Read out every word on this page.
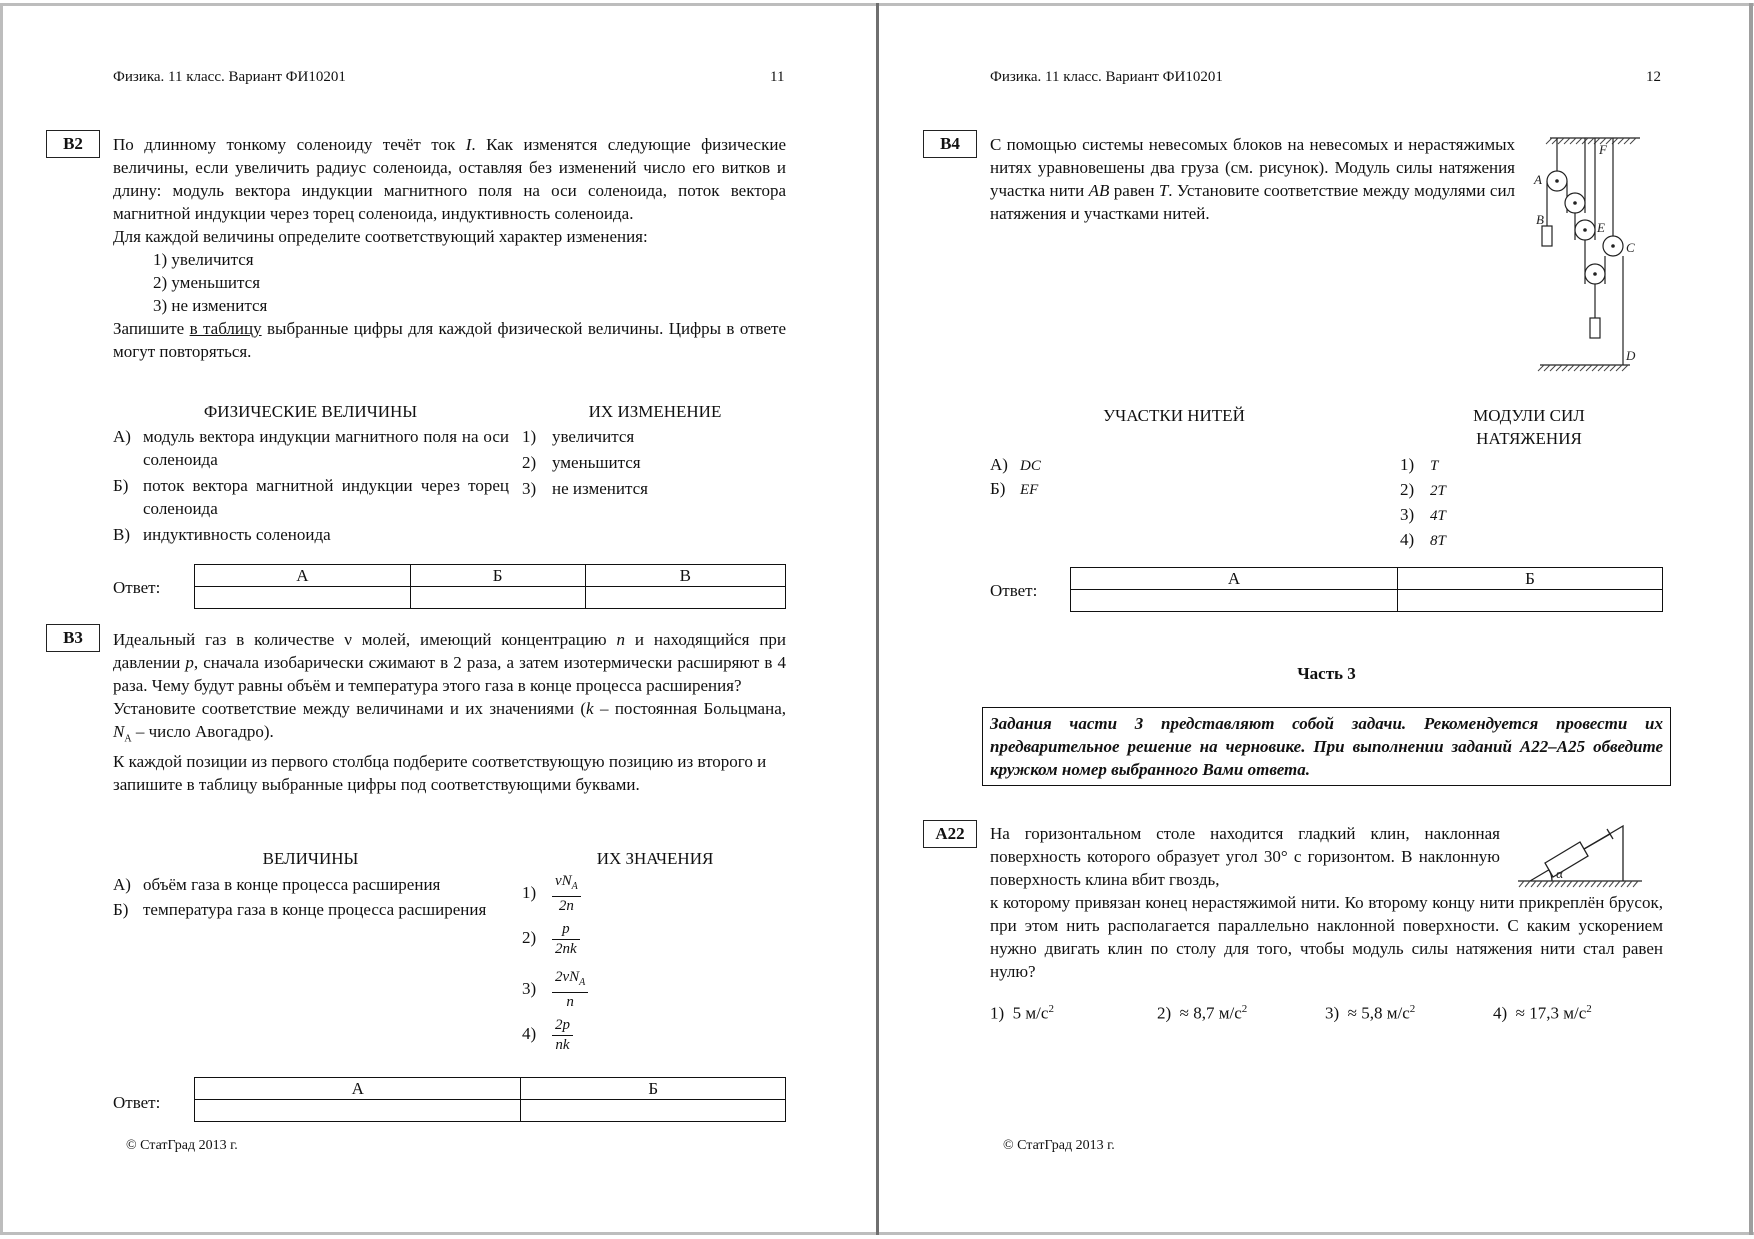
Физика. 11 класс. Вариант ФИ10201	11
В2	По длинному тонкому соленоиду течёт ток I. Как изменятся следующие физические величины, если увеличить радиус соленоида, оставляя без изменений число его витков и длину: модуль вектора индукции магнитного поля на оси соленоида, поток вектора магнитной индукции через торец соленоида, индуктивность соленоида.

Для каждой величины определите соответствующий характер изменения:

1) увеличится

2) уменьшится

3) не изменится

Запишите в таблицу выбранные цифры для каждой физической величины. Цифры в ответе могут повторяться.

ФИЗИЧЕСКИЕ ВЕЛИЧИНЫ	ИХ ИЗМЕНЕНИЕ
А) модуль вектора индукции магнитного поля на оси соленоида
Б) поток вектора магнитной индукции через торец соленоида
В) индуктивность соленоида
1) увеличится
2) уменьшится
3) не изменится
Ответ:
А	Б	В

В3	Идеальный газ в количестве ν молей, имеющий концентрацию n и находящийся при давлении p, сначала изобарически сжимают в 2 раза, а затем изотермически расширяют в 4 раза. Чему будут равны объём и температура этого газа в конце процесса расширения?

Установите соответствие между величинами и их значениями (k – постоянная Больцмана, $N_A$ – число Авогадро).

К каждой позиции из первого столбца подберите соответствующую позицию из второго и запишите в таблицу выбранные цифры под соответствующими буквами.

ВЕЛИЧИНЫ	ИХ ЗНАЧЕНИЯ
А) объём газа в конце процесса расширения
Б) температура газа в конце процесса расширения
$1) \frac{\nu N_A}{2n}$
$2) \frac{p}{2nk}$
$3) \frac{2\nu N_A}{n}$
$4) \frac{2p}{nk}$
Ответ:
А	Б

© СтатГрад 2013 г.
Физика. 11 класс. Вариант ФИ10201	12
В4	С помощью системы невесомых блоков на невесомых и нерастяжимых нитях уравновешены два груза (см. рисунок). Модуль силы натяжения участка нити AB равен T. Установите соответствие между модулями сил натяжения и участками нитей.

A
B
C
D
E
F
УЧАСТКИ НИТЕЙ	МОДУЛИ СИЛ
НАТЯЖЕНИЯ
А) DC
Б) EF
1) T
2) 2T
3) 4T
4) 8T
Ответ:
А	Б

Часть 3
Задания части 3 представляют собой задачи. Рекомендуется провести их предварительное решение на черновике. При выполнении заданий А22–А25 обведите кружком номер выбранного Вами ответа.
А22	На горизонтальном столе находится гладкий клин, наклонная поверхность которого образует угол 30° с горизонтом. В наклонную поверхность клина вбит гвоздь,
к которому привязан конец нерастяжимой нити. Ко второму концу нити прикреплён брусок, при этом нить располагается параллельно наклонной поверхности. С каким ускорением нужно двигать клин по столу для того, чтобы модуль силы натяжения нити стал равен нулю?
α
1) 5 $м/с^2$	2) ≈ 8,7 $м/с^2$	3) ≈ 5,8 $м/с^2$	4) ≈ 17,3 $м/с^2$
© СтатГрад 2013 г.
